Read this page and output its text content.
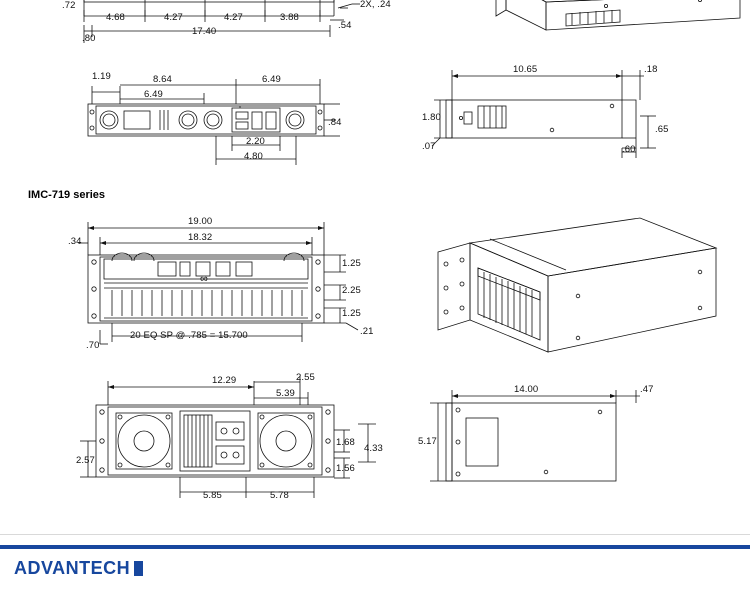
.72
4.68	4.27	4.27	3.88
2X, .24
.80
17.40
.54
1.19	8.64	6.49
6.49
.84
2.20
4.80
10.65	.18
1.80
.07
.65
.60
IMC-719 series
19.00
18.32
.34
∞
1.25
2.25
1.25
.21
.70
20 EQ SP @ .785 = 15.700
12.29	2.55
5.39
2.57
1.68
4.33
1.56
5.85	5.78
14.00	.47
5.17
ADVANTECH
